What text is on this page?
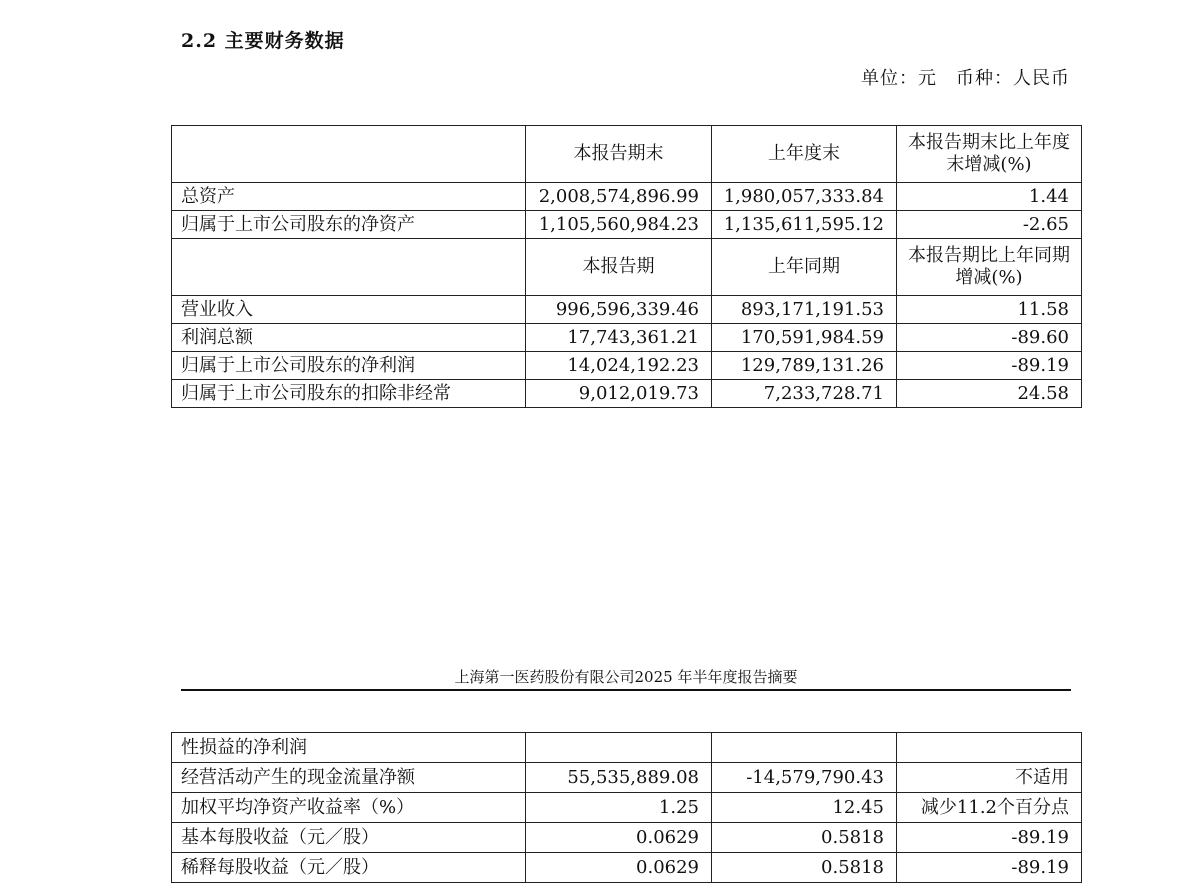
2.2 主要财务数据
单位：元　币种：人民币
	本报告期末	上年度末	本报告期末比上年度末增减(%)
总资产	2,008,574,896.99	1,980,057,333.84	1.44
归属于上市公司股东的净资产	1,105,560,984.23	1,135,611,595.12	-2.65
	本报告期	上年同期	本报告期比上年同期增减(%)
营业收入	996,596,339.46	893,171,191.53	11.58
利润总额	17,743,361.21	170,591,984.59	-89.60
归属于上市公司股东的净利润	14,024,192.23	129,789,131.26	-89.19
归属于上市公司股东的扣除非经常	9,012,019.73	7,233,728.71	24.58
上海第一医药股份有限公司2025 年半年度报告摘要
性损益的净利润			
经营活动产生的现金流量净额	55,535,889.08	-14,579,790.43	不适用
加权平均净资产收益率（%）	1.25	12.45	减少11.2个百分点
基本每股收益（元／股）	0.0629	0.5818	-89.19
稀释每股收益（元／股）	0.0629	0.5818	-89.19
